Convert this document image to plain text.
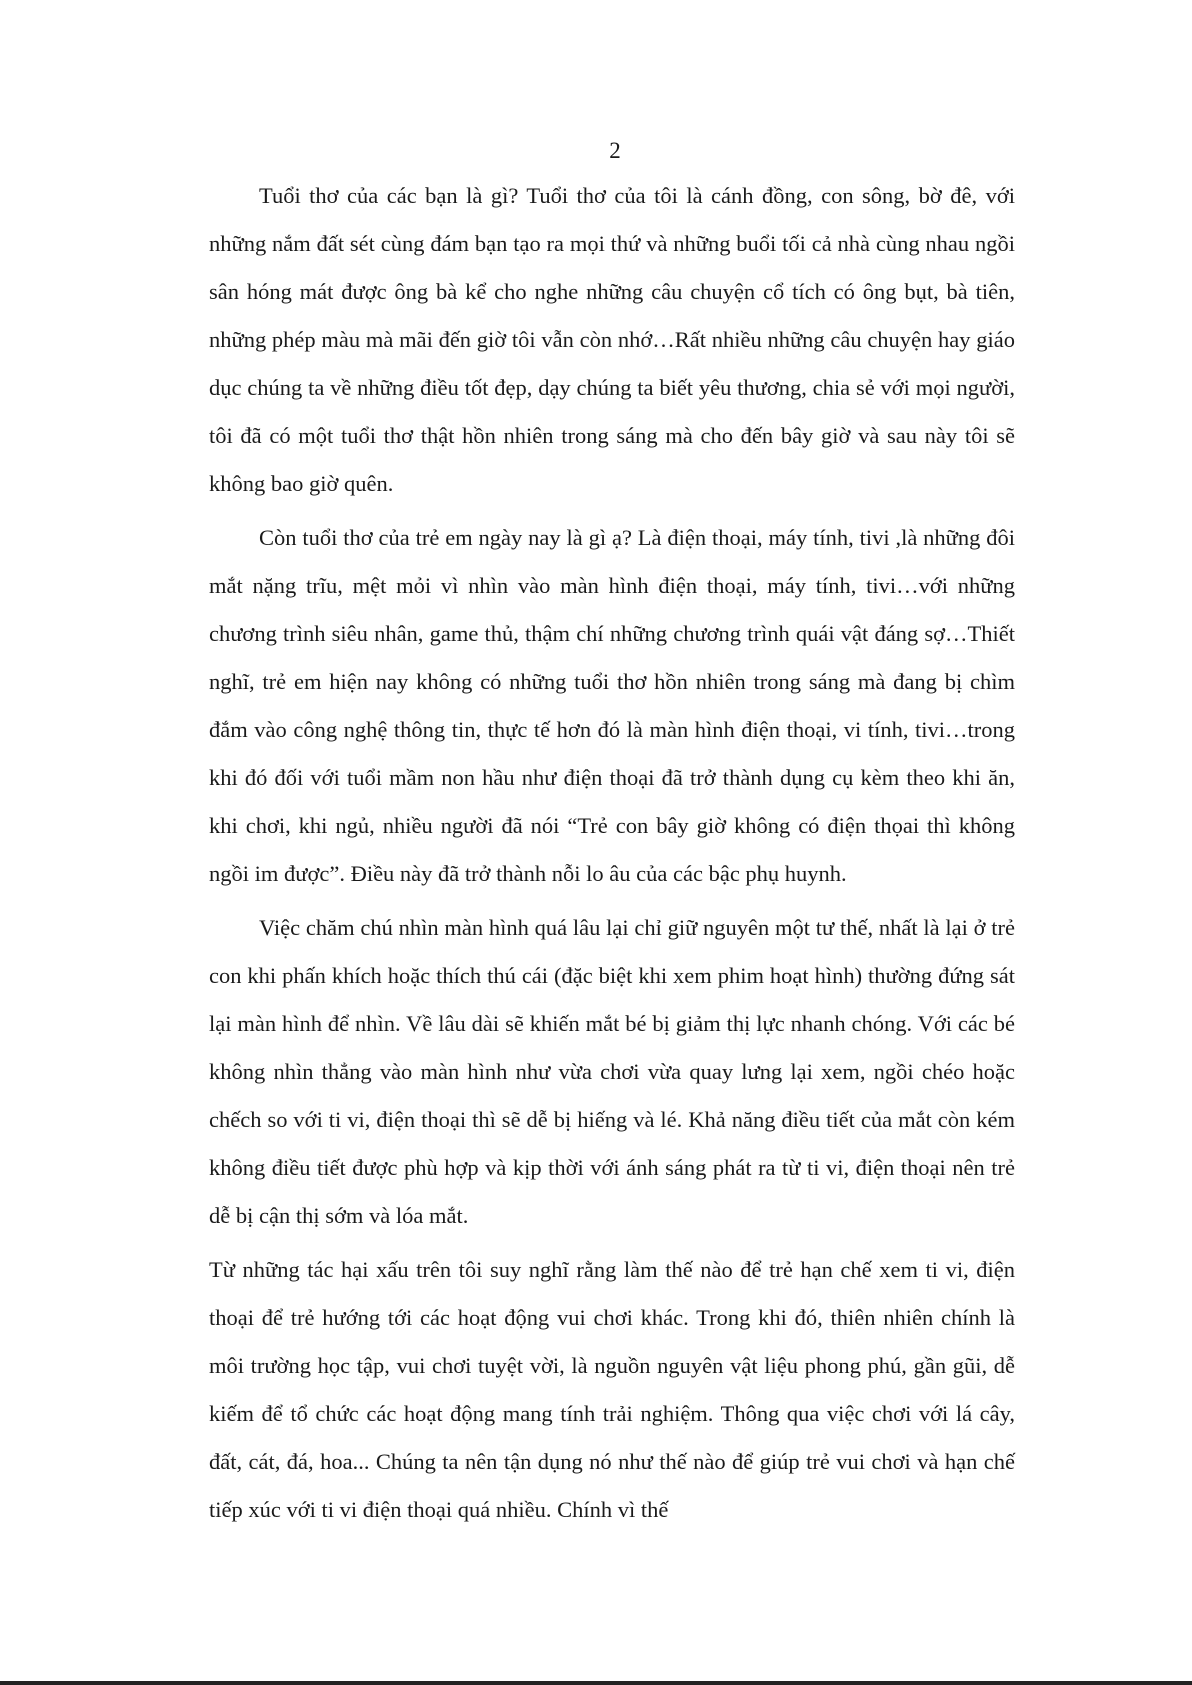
2

Tuổi thơ của các bạn là gì? Tuổi thơ của tôi là cánh đồng, con sông, bờ đê, với những nắm đất sét cùng đám bạn tạo ra mọi thứ và những buổi tối cả nhà cùng nhau ngồi sân hóng mát được ông bà kể cho nghe những câu chuyện cổ tích có ông bụt, bà tiên, những phép màu mà mãi đến giờ tôi vẫn còn nhớ…Rất nhiều những câu chuyện hay giáo dục chúng ta về những điều tốt đẹp, dạy chúng ta biết yêu thương, chia sẻ với mọi người, tôi đã có một tuổi thơ thật hồn nhiên trong sáng mà cho đến bây giờ và sau này tôi sẽ không bao giờ quên.

Còn tuổi thơ của trẻ em ngày nay là gì ạ? Là điện thoại, máy tính, tivi ,là những đôi mắt nặng trĩu, mệt mỏi vì nhìn vào màn hình điện thoại, máy tính, tivi…với những chương trình siêu nhân, game thủ, thậm chí những chương trình quái vật đáng sợ…Thiết nghĩ, trẻ em hiện nay không có những tuổi thơ hồn nhiên trong sáng mà đang bị chìm đắm vào công nghệ thông tin, thực tế hơn đó là màn hình điện thoại, vi tính, tivi…trong khi đó đối với tuổi mầm non hầu như điện thoại đã trở thành dụng cụ kèm theo khi ăn, khi chơi, khi ngủ, nhiều người đã nói “Trẻ con bây giờ không có điện thọai thì không ngồi im được”. Điều này đã trở thành nỗi lo âu của các bậc phụ huynh.

Việc chăm chú nhìn màn hình quá lâu lại chỉ giữ nguyên một tư thế, nhất là lại ở trẻ con khi phấn khích hoặc thích thú cái (đặc biệt khi xem phim hoạt hình) thường đứng sát lại màn hình để nhìn. Về lâu dài sẽ khiến mắt bé bị giảm thị lực nhanh chóng. Với các bé không nhìn thẳng vào màn hình như vừa chơi vừa quay lưng lại xem, ngồi chéo hoặc chếch so với ti vi, điện thoại thì sẽ dễ bị hiếng và lé. Khả năng điều tiết của mắt còn kém không điều tiết được phù hợp và kịp thời với ánh sáng phát ra từ ti vi, điện thoại nên trẻ dễ bị cận thị sớm và lóa mắt.

Từ những tác hại xấu trên tôi suy nghĩ rằng làm thế nào để trẻ hạn chế xem ti vi, điện thoại để trẻ hướng tới các hoạt động vui chơi khác. Trong khi đó, thiên nhiên chính là môi trường học tập, vui chơi tuyệt vời, là nguồn nguyên vật liệu phong phú, gần gũi, dễ kiếm để tổ chức các hoạt động mang tính trải nghiệm. Thông qua việc chơi với lá cây, đất, cát, đá, hoa... Chúng ta nên tận dụng nó như thế nào để giúp trẻ vui chơi và hạn chế tiếp xúc với ti vi điện thoại quá nhiều. Chính vì thế
